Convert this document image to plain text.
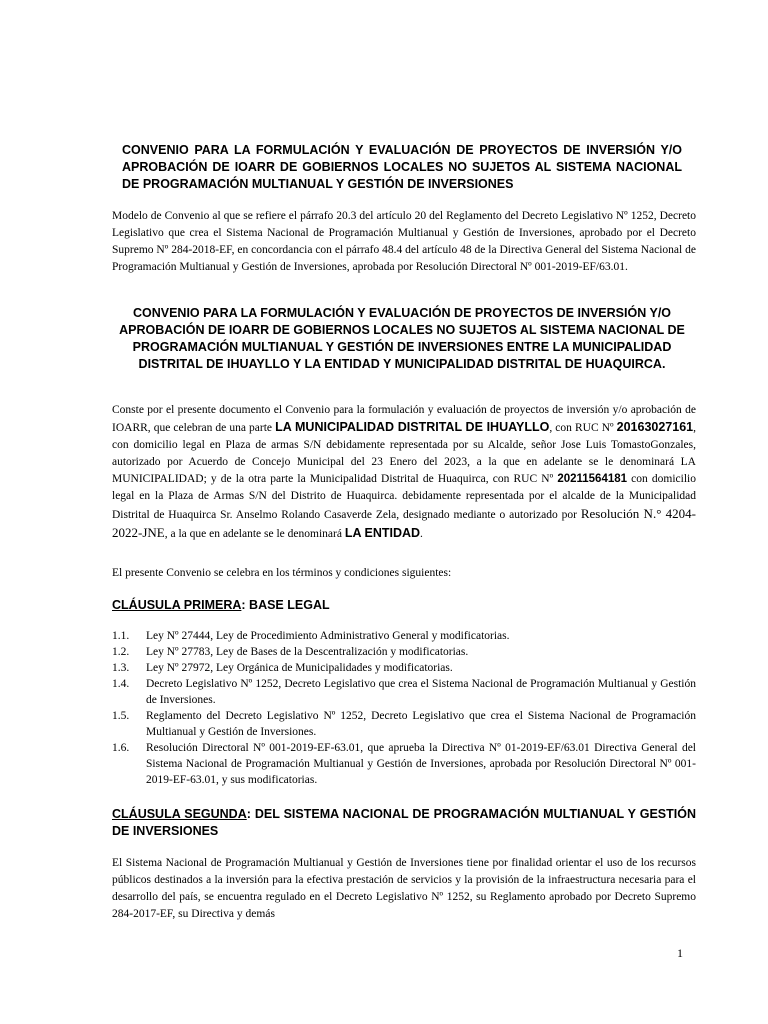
CONVENIO PARA LA FORMULACIÓN Y EVALUACIÓN DE PROYECTOS DE INVERSIÓN Y/O APROBACIÓN DE IOARR DE GOBIERNOS LOCALES NO SUJETOS AL SISTEMA NACIONAL DE PROGRAMACIÓN MULTIANUAL Y GESTIÓN DE INVERSIONES
Modelo de Convenio al que se refiere el párrafo 20.3 del artículo 20 del Reglamento del Decreto Legislativo Nº 1252, Decreto Legislativo que crea el Sistema Nacional de Programación Multianual y Gestión de Inversiones, aprobado por el Decreto Supremo Nº 284-2018-EF, en concordancia con el párrafo 48.4 del artículo 48 de la Directiva General del Sistema Nacional de Programación Multianual y Gestión de Inversiones, aprobada por Resolución Directoral Nº 001-2019-EF/63.01.
CONVENIO PARA LA FORMULACIÓN Y EVALUACIÓN DE PROYECTOS DE INVERSIÓN Y/O APROBACIÓN DE IOARR DE GOBIERNOS LOCALES NO SUJETOS AL SISTEMA NACIONAL DE PROGRAMACIÓN MULTIANUAL Y GESTIÓN DE INVERSIONES ENTRE LA MUNICIPALIDAD DISTRITAL DE IHUAYLLO Y LA ENTIDAD Y MUNICIPALIDAD DISTRITAL DE HUAQUIRCA.
Conste por el presente documento el Convenio para la formulación y evaluación de proyectos de inversión y/o aprobación de IOARR, que celebran de una parte LA MUNICIPALIDAD DISTRITAL DE IHUAYLLO, con RUC Nº 20163027161, con domicilio legal en Plaza de armas S/N debidamente representada por su Alcalde, señor Jose Luis TomastoGonzales, autorizado por Acuerdo de Concejo Municipal del 23 Enero del 2023, a la que en adelante se le denominará LA MUNICIPALIDAD; y de la otra parte la Municipalidad Distrital de Huaquirca, con RUC Nº 20211564181 con domicilio legal en la Plaza de Armas S/N del Distrito de Huaquirca. debidamente representada por el alcalde de la Municipalidad Distrital de Huaquirca Sr. Anselmo Rolando Casaverde Zela, designado mediante o autorizado por Resolución N.° 4204-2022-JNE, a la que en adelante se le denominará LA ENTIDAD.
El presente Convenio se celebra en los términos y condiciones siguientes:
CLÁUSULA PRIMERA: BASE LEGAL
1.1.	Ley Nº 27444, Ley de Procedimiento Administrativo General y modificatorias.
1.2.	Ley Nº 27783, Ley de Bases de la Descentralización y modificatorias.
1.3.	Ley Nº 27972, Ley Orgánica de Municipalidades y modificatorias.
1.4.	Decreto Legislativo Nº 1252, Decreto Legislativo que crea el Sistema Nacional de Programación Multianual y Gestión de Inversiones.
1.5.	Reglamento del Decreto Legislativo Nº 1252, Decreto Legislativo que crea el Sistema Nacional de Programación Multianual y Gestión de Inversiones.
1.6.	Resolución Directoral Nº 001-2019-EF-63.01, que aprueba la Directiva Nº 01-2019-EF/63.01 Directiva General del Sistema Nacional de Programación Multianual y Gestión de Inversiones, aprobada por Resolución Directoral Nº 001-2019-EF-63.01, y sus modificatorias.
CLÁUSULA SEGUNDA: DEL SISTEMA NACIONAL DE PROGRAMACIÓN MULTIANUAL Y GESTIÓN DE INVERSIONES
El Sistema Nacional de Programación Multianual y Gestión de Inversiones tiene por finalidad orientar el uso de los recursos públicos destinados a la inversión para la efectiva prestación de servicios y la provisión de la infraestructura necesaria para el desarrollo del país, se encuentra regulado en el Decreto Legislativo Nº 1252, su Reglamento aprobado por Decreto Supremo 284-2017-EF, su Directiva y demás
1
